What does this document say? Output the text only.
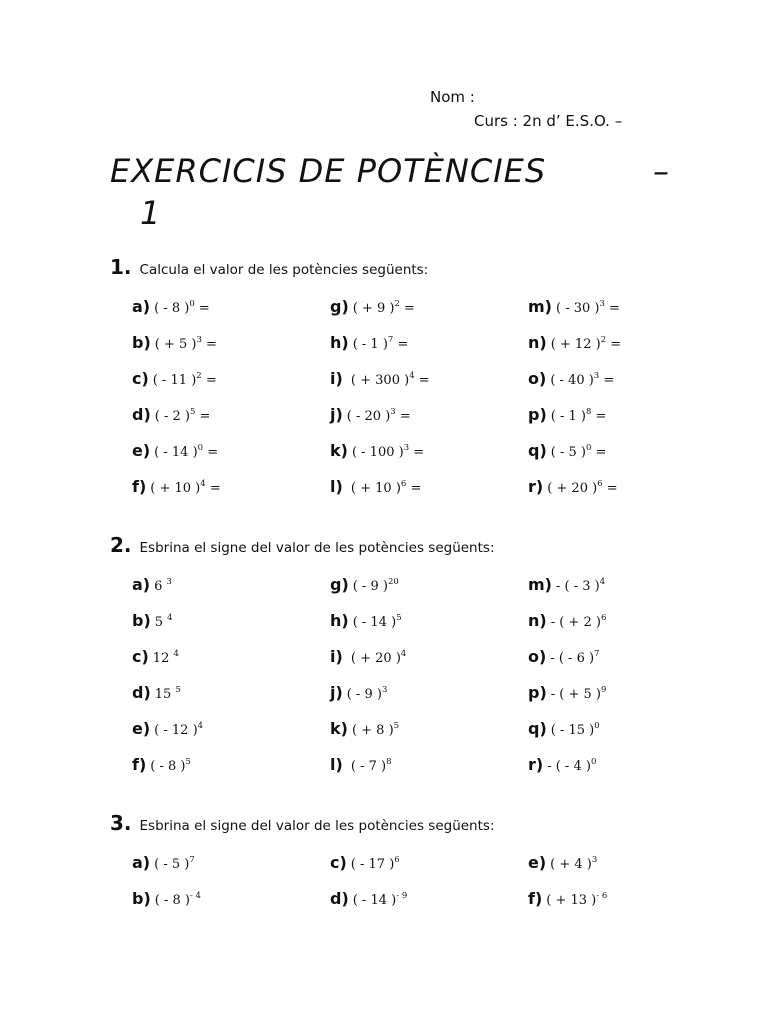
Nom :
Curs : 2n d’ E.S.O. –
EXERCICIS DE POTÈNCIES	–
1
1. Calcula el valor de les potències següents:
a) ( - 8 )$^0$ =	g) ( + 9 )$^2$ =	m) ( - 30 )$^3$ =
b) ( + 5 )$^3$ =	h) ( - 1 )$^7$ =	n) ( + 12 )$^2$ =
c) ( - 11 )$^2$ =	i) ( + 300 )$^4$ =	o) ( - 40 )$^3$ =
d) ( - 2 )$^5$ =	j) ( - 20 )$^3$ =	p) ( - 1 )$^8$ =
e) ( - 14 )$^0$ =	k) ( - 100 )$^3$ =	q) ( - 5 )$^0$ =
f) ( + 10 )$^4$ =	l) ( + 10 )$^6$ =	r) ( + 20 )$^6$ =
2. Esbrina el signe del valor de les potències següents:
a) 6 $^3$	g) ( - 9 )$^{20}$	m) - ( - 3 )$^4$
b) 5 $^4$	h) ( - 14 )$^5$	n) - ( + 2 )$^6$
c) 12 $^4$	i) ( + 20 )$^4$	o) - ( - 6 )$^7$
d) 15 $^5$	j) ( - 9 )$^3$	p) - ( + 5 )$^9$
e) ( - 12 )$^4$	k) ( + 8 )$^5$	q) ( - 15 )$^0$
f) ( - 8 )$^5$	l) ( - 7 )$^8$	r) - ( - 4 )$^0$
3. Esbrina el signe del valor de les potències següents:
a) ( - 5 )$^7$	c) ( - 17 )$^6$	e) ( + 4 )$^3$
b) ( - 8 )$^{- 4}$	d) ( - 14 )$^{- 9}$	f) ( + 13 )$^{- 6}$
